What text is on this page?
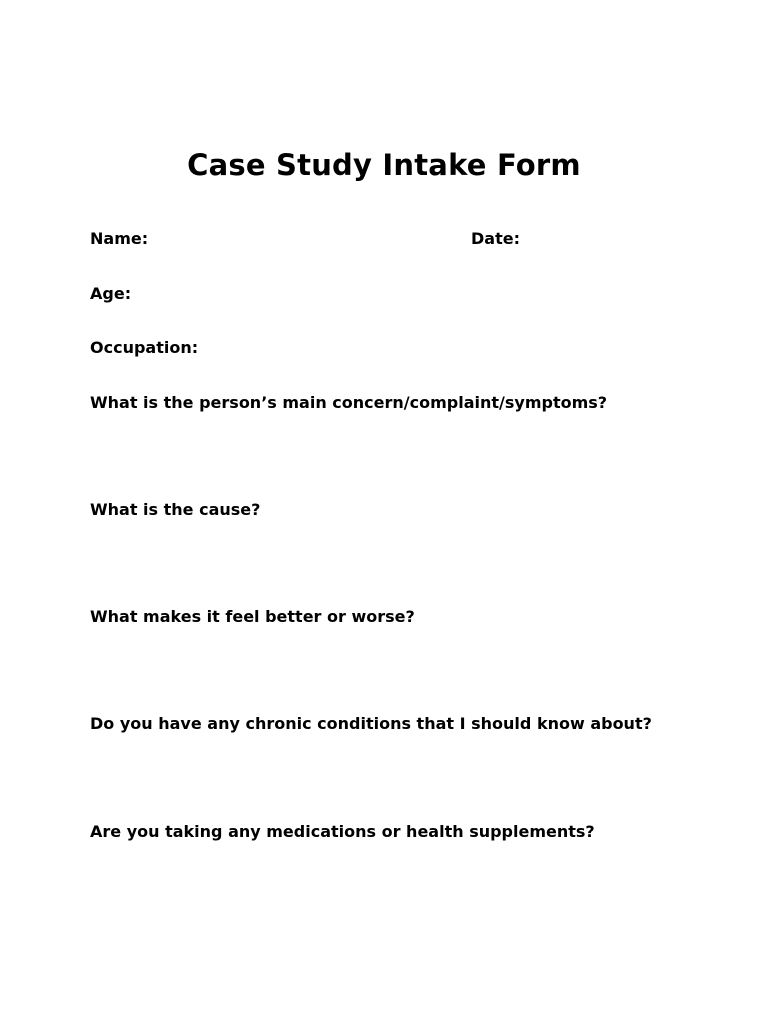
Case Study Intake Form

Name:	Date:

Age:

Occupation:

What is the person’s main concern/complaint/symptoms?

What is the cause?

What makes it feel better or worse?

Do you have any chronic conditions that I should know about?

Are you taking any medications or health supplements?
